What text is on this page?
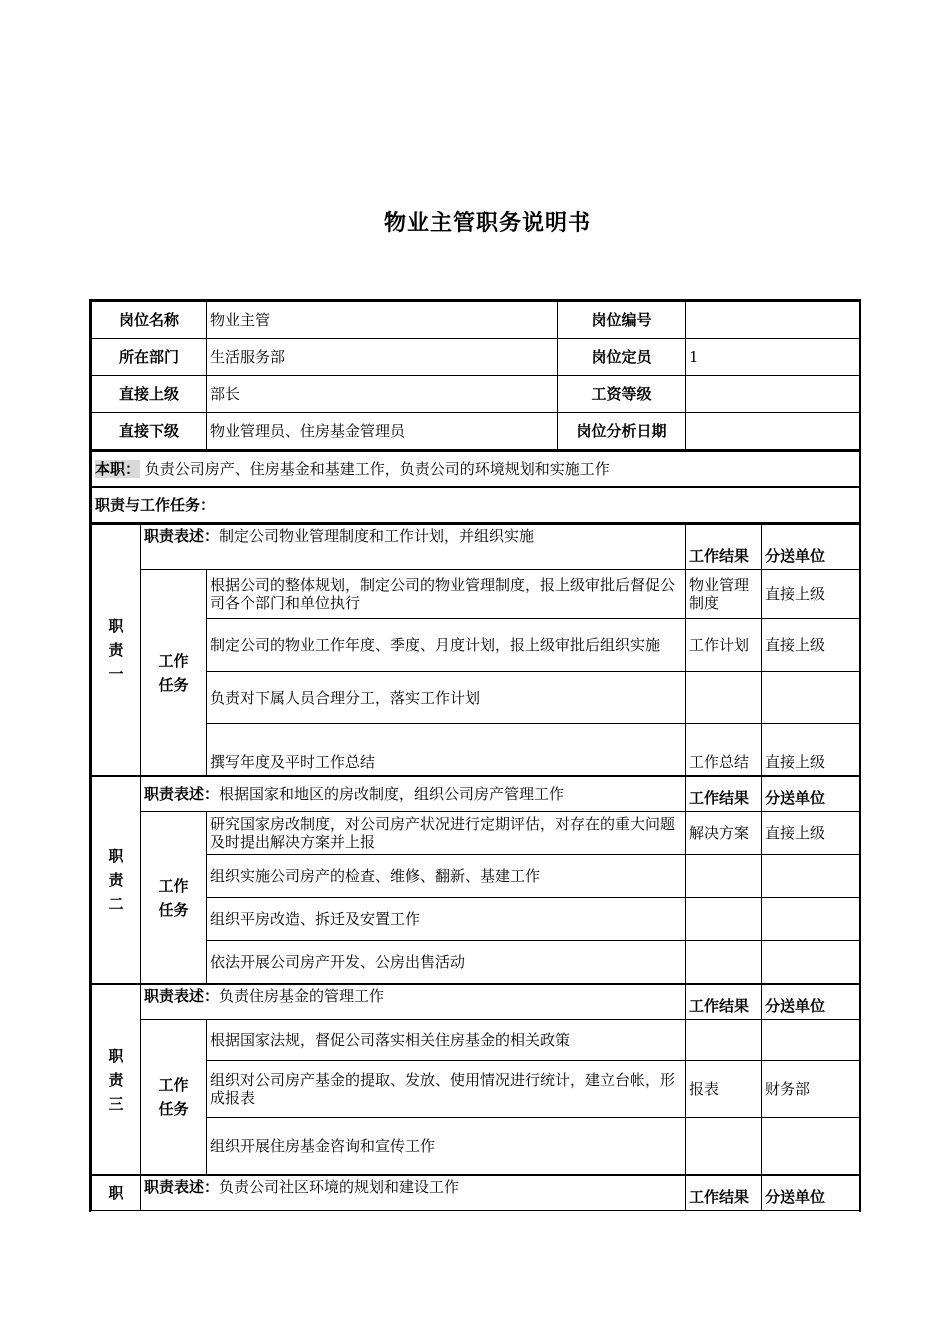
物业主管职务说明书
岗位名称	物业主管	岗位编号	
所在部门	生活服务部	岗位定员	1
直接上级	部长	工资等级	
直接下级	物业管理员、住房基金管理员	岗位分析日期	
本职： 负责公司房产、住房基金和基建工作，负责公司的环境规划和实施工作
职责与工作任务：
职
责
一	职责表述：制定公司物业管理制度和工作计划，并组织实施		工作结果	分送单位

	工作
任务	根据公司的整体规划，制定公司的物业管理制度，报上级审批后督促公司各个部门和单位执行	物业管理制度	直接上级
		制定公司的物业工作年度、季度、月度计划，报上级审批后组织实施	工作计划	直接上级
		负责对下属人员合理分工，落实工作计划		
		撰写年度及平时工作总结	工作总结	直接上级

职
责
二	职责表述：根据国家和地区的房改制度，组织公司房产管理工作		工作结果	分送单位

	工作
任务	研究国家房改制度，对公司房产状况进行定期评估，对存在的重大问题及时提出解决方案并上报	解决方案	直接上级
		组织实施公司房产的检查、维修、翻新、基建工作		
		组织平房改造、拆迁及安置工作		
		依法开展公司房产开发、公房出售活动		

职
责
三	职责表述：负责住房基金的管理工作		工作结果	分送单位

	工作
任务	根据国家法规，督促公司落实相关住房基金的相关政策		
		组织对公司房产基金的提取、发放、使用情况进行统计，建立台帐，形成报表	报表	财务部
		组织开展住房基金咨询和宣传工作		

职	职责表述：负责公司社区环境的规划和建设工作		工作结果	分送单位
